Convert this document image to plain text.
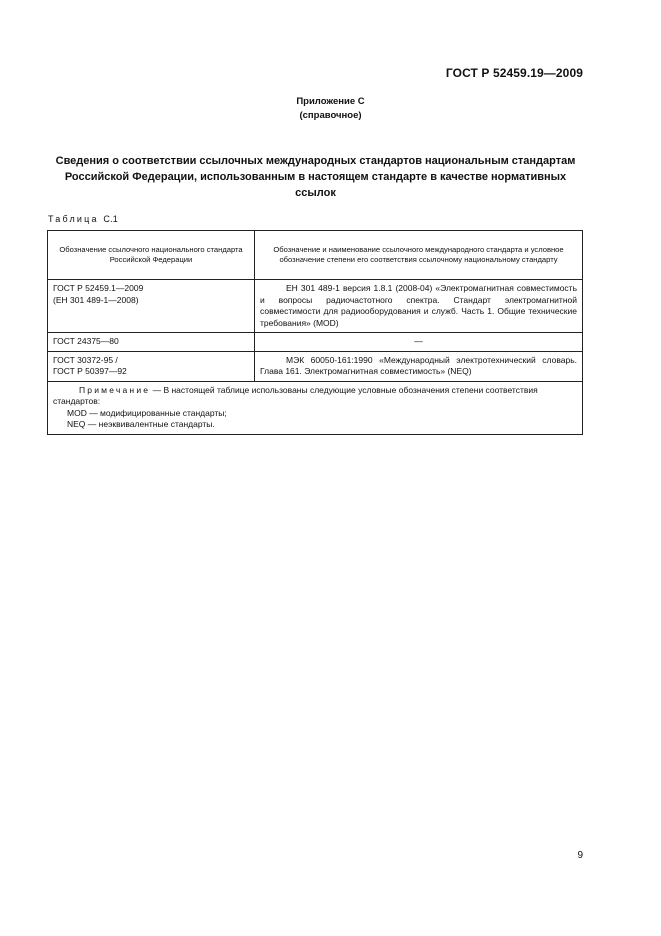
ГОСТ Р 52459.19—2009
Приложение С
(справочное)
Сведения о соответствии ссылочных международных стандартов национальным стандартам
Российской Федерации, использованным в настоящем стандарте в качестве нормативных
ссылок
Таблица С.1
Обозначение ссылочного национального стандарта Российской Федерации	Обозначение и наименование ссылочного международного стандарта и условное обозначение степени его соответствия ссылочному национальному стандарту

ГОСТ Р 52459.1—2009
(ЕН 301 489-1—2008)	ЕН 301 489-1 версия 1.8.1 (2008-04) «Электромагнитная совместимость и вопросы радиочастотного спектра. Стандарт электромагнитной совместимости для радиооборудования и служб. Часть 1. Общие технические требования» (MOD)

ГОСТ 24375—80	—

ГОСТ 30372-95 /
ГОСТ Р 50397—92	МЭК 60050-161:1990 «Международный электротехнический словарь. Глава 161. Электромагнитная совместимость» (NEQ)

Примечание — В настоящей таблице использованы следующие условные обозначения степени соответствия стандартов:
MOD — модифицированные стандарты;
NEQ — неэквивалентные стандарты.	
9
